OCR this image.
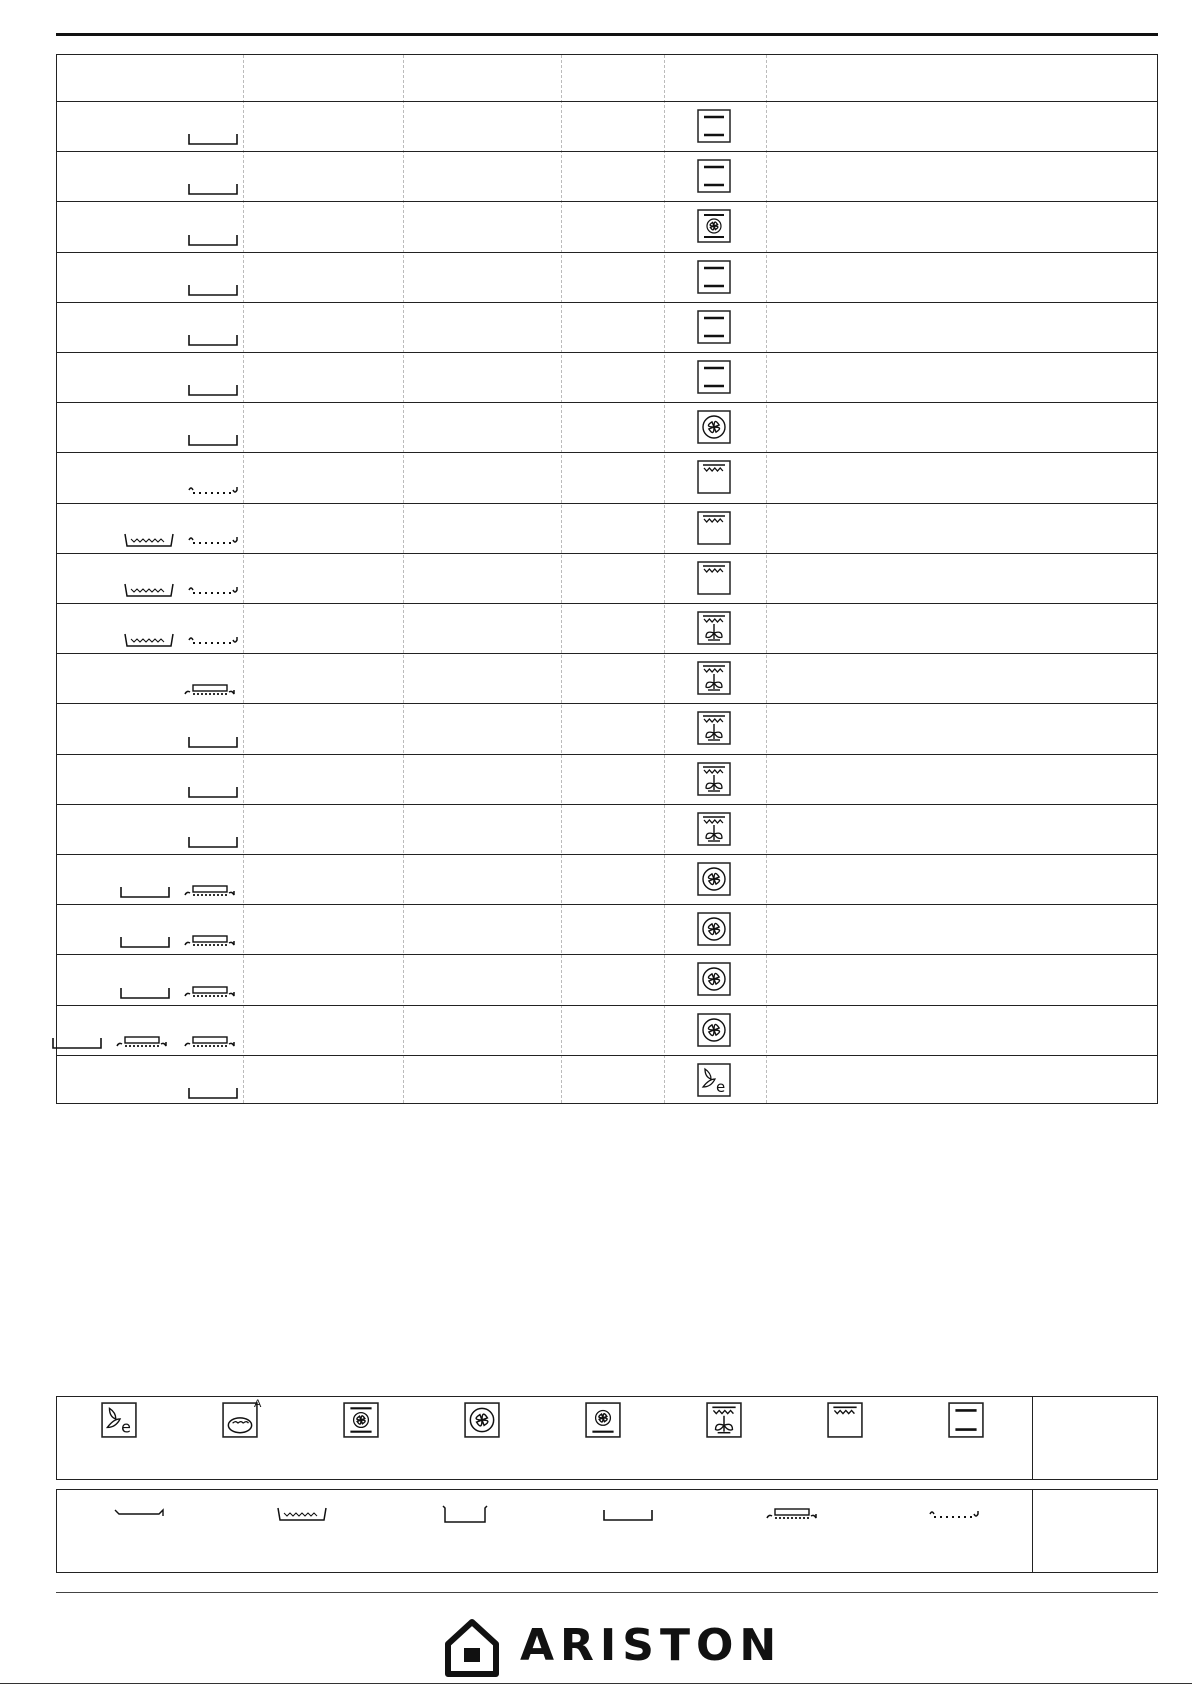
e
e
A
ARISTON
